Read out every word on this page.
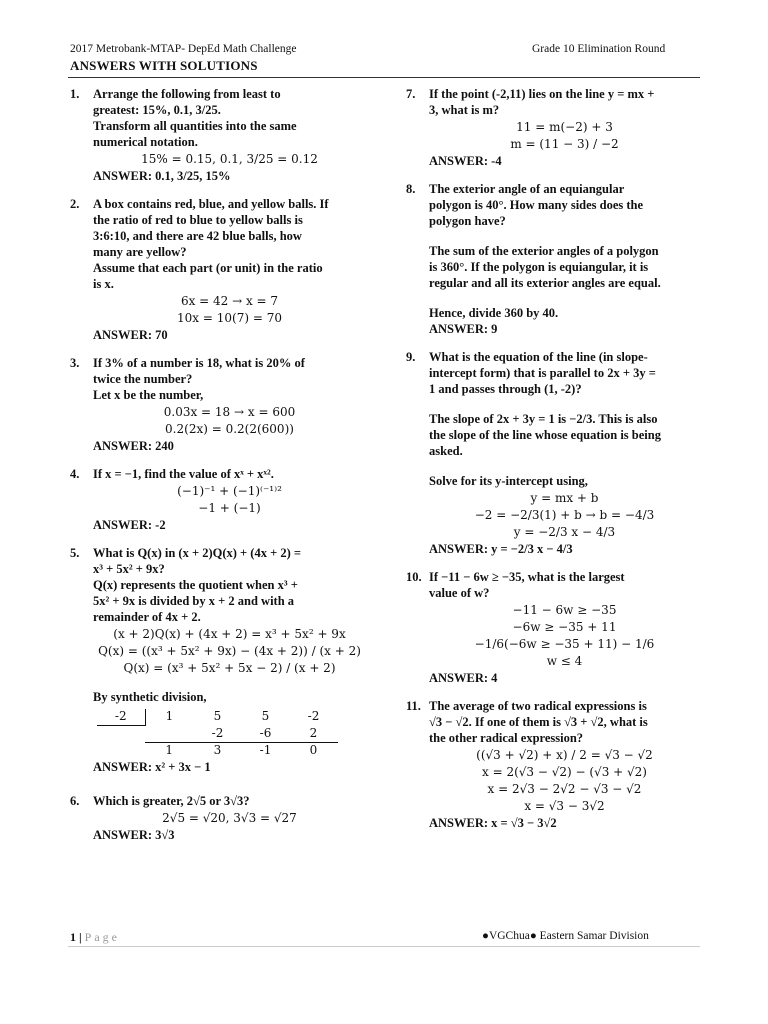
2017 Metrobank-MTAP- DepEd Math Challenge	Grade 10 Elimination Round
ANSWERS WITH SOLUTIONS
1. Arrange the following from least to

greatest: 15%, 0.1, 3/25.

Transform all quantities into the same

numerical notation.

15% = 0.15, 0.1, 3/25 = 0.12

ANSWER: 0.1, 3/25, 15%

2. A box contains red, blue, and yellow balls. If

the ratio of red to blue to yellow balls is

3:6:10, and there are 42 blue balls, how

many are yellow?

Assume that each part (or unit) in the ratio

is x.

6x = 42 → x = 7

10x = 10(7) = 70

ANSWER: 70

3. If 3% of a number is 18, what is 20% of

twice the number?

Let x be the number,

0.03x = 18 → x = 600

0.2(2x) = 0.2(2(600))

ANSWER: 240

4. If x = −1, find the value of xˣ + xˣ².

(−1)⁻¹ + (−1)⁽⁻¹⁾²

−1 + (−1)

ANSWER: -2

5. What is Q(x) in (x + 2)Q(x) + (4x + 2) =

x³ + 5x² + 9x?

Q(x) represents the quotient when x³ +

5x² + 9x is divided by x + 2 and with a

remainder of 4x + 2.

(x + 2)Q(x) + (4x + 2) = x³ + 5x² + 9x

Q(x) = ((x³ + 5x² + 9x) − (4x + 2)) / (x + 2)

Q(x) = (x³ + 5x² + 5x − 2) / (x + 2)

By synthetic division,

-2	1	5	5	-2
		-2	-6	2
	1	3	-1	0

ANSWER: x² + 3x − 1

6. Which is greater, 2√5 or 3√3?

2√5 = √20, 3√3 = √27

ANSWER: 3√3

7. If the point (-2,11) lies on the line y = mx +

3, what is m?

11 = m(−2) + 3

m = (11 − 3) / −2

ANSWER: -4

8. The exterior angle of an equiangular

polygon is 40°. How many sides does the

polygon have?

The sum of the exterior angles of a polygon

is 360°. If the polygon is equiangular, it is

regular and all its exterior angles are equal.

Hence, divide 360 by 40.

ANSWER: 9

9. What is the equation of the line (in slope-

intercept form) that is parallel to 2x + 3y =

1 and passes through (1, -2)?

The slope of 2x + 3y = 1 is −2/3. This is also

the slope of the line whose equation is being

asked.

Solve for its y-intercept using,

y = mx + b

−2 = −2/3(1) + b → b = −4/3

y = −2/3 x − 4/3

ANSWER: y = −2/3 x − 4/3

10. If −11 − 6w ≥ −35, what is the largest

value of w?

−11 − 6w ≥ −35

−6w ≥ −35 + 11

−1/6(−6w ≥ −35 + 11) − 1/6

w ≤ 4

ANSWER: 4

11. The average of two radical expressions is

√3 − √2. If one of them is √3 + √2, what is

the other radical expression?

((√3 + √2) + x) / 2 = √3 − √2

x = 2(√3 − √2) − (√3 + √2)

x = 2√3 − 2√2 − √3 − √2

x = √3 − 3√2

ANSWER: x = √3 − 3√2

1 | Page	●VGChua● Eastern Samar Division
